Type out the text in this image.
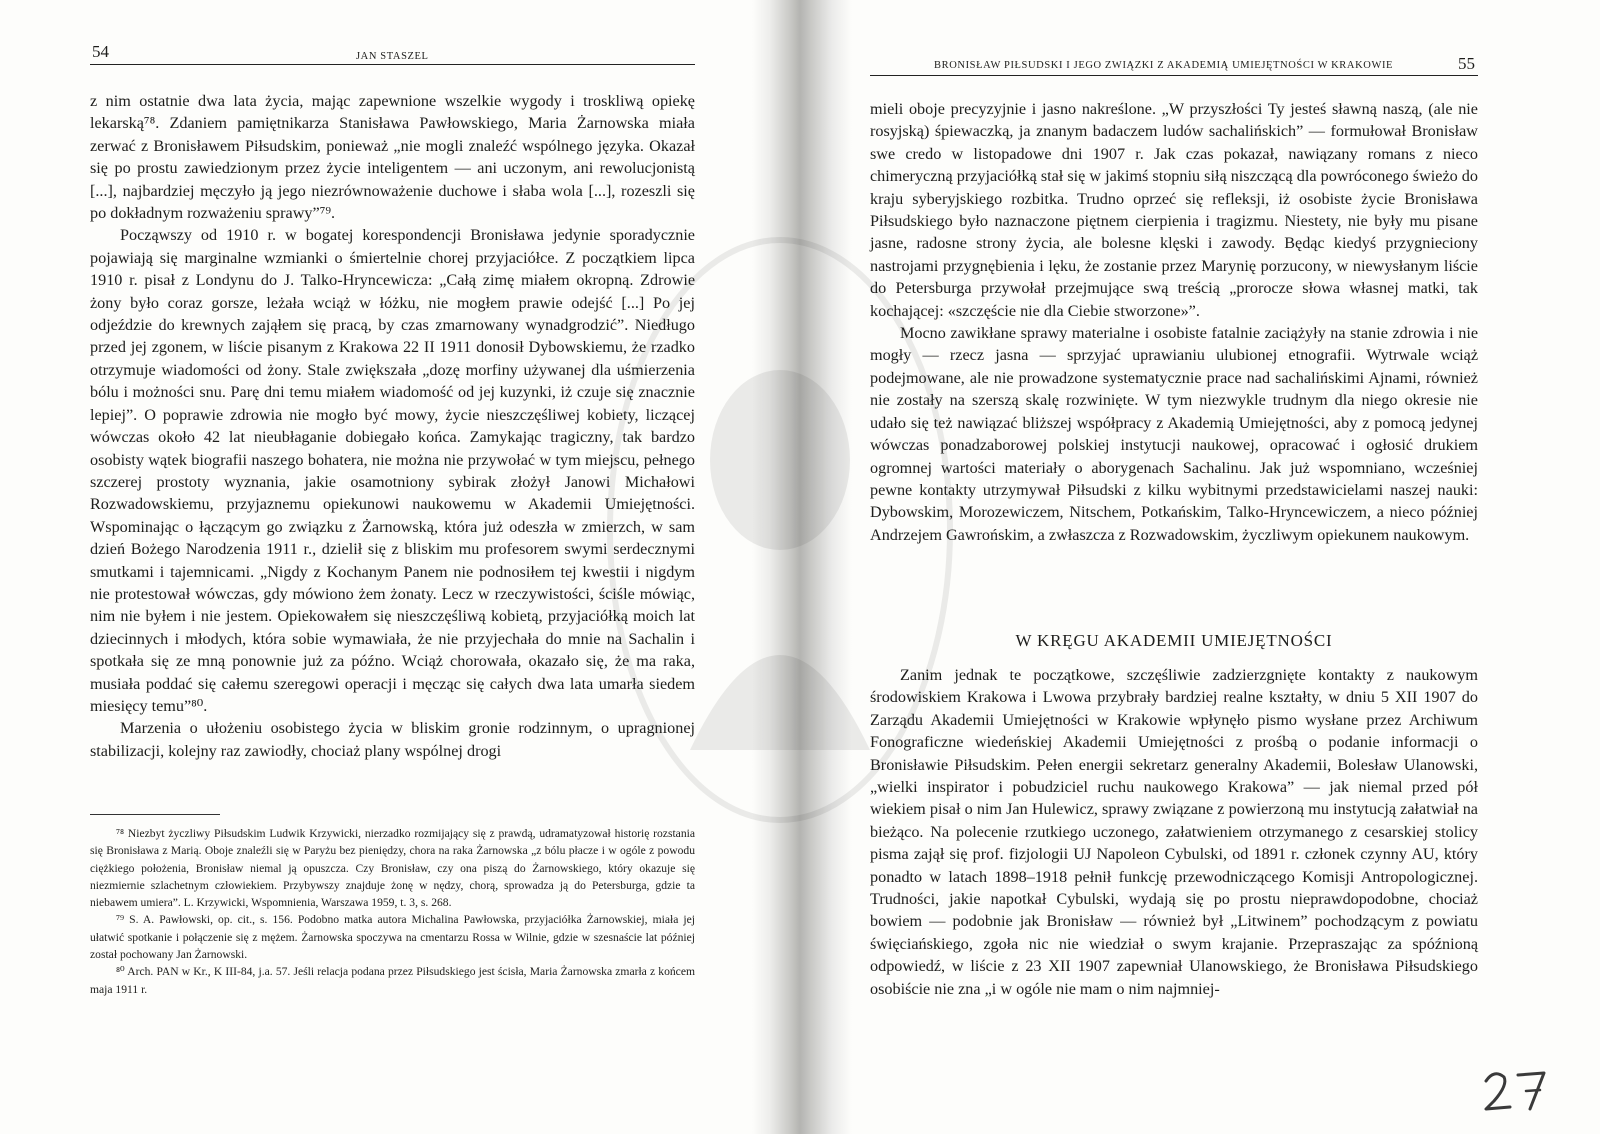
54	JAN STASZEL

z nim ostatnie dwa lata życia, mając zapewnione wszelkie wygody i troskliwą opiekę lekarską⁷⁸. Zdaniem pamiętnikarza Stanisława Pawłowskiego, Maria Żarnowska miała zerwać z Bronisławem Piłsudskim, ponieważ „nie mogli znaleźć wspólnego języka. Okazał się po prostu zawiedzionym przez życie inteligentem — ani uczonym, ani rewolucjonistą [...], najbardziej męczyło ją jego niezrównoważenie duchowe i słaba wola [...], rozeszli się po dokładnym rozważeniu sprawy”⁷⁹.

Począwszy od 1910 r. w bogatej korespondencji Bronisława jedynie sporadycznie pojawiają się marginalne wzmianki o śmiertelnie chorej przyjaciółce. Z początkiem lipca 1910 r. pisał z Londynu do J. Talko-Hryncewicza: „Całą zimę miałem okropną. Zdrowie żony było coraz gorsze, leżała wciąż w łóżku, nie mogłem prawie odejść [...] Po jej odjeździe do krewnych zająłem się pracą, by czas zmarnowany wynadgrodzić”. Niedługo przed jej zgonem, w liście pisanym z Krakowa 22 II 1911 donosił Dybowskiemu, że rzadko otrzymuje wiadomości od żony. Stale zwiększała „dozę morfiny używanej dla uśmierzenia bólu i możności snu. Parę dni temu miałem wiadomość od jej kuzynki, iż czuje się znacznie lepiej”. O poprawie zdrowia nie mogło być mowy, życie nieszczęśliwej kobiety, liczącej wówczas około 42 lat nieubłaganie dobiegało końca. Zamykając tragiczny, tak bardzo osobisty wątek biografii naszego bohatera, nie można nie przywołać w tym miejscu, pełnego szczerej prostoty wyznania, jakie osamotniony sybirak złożył Janowi Michałowi Rozwadowskiemu, przyjaznemu opiekunowi naukowemu w Akademii Umiejętności. Wspominając o łączącym go związku z Żarnowską, która już odeszła w zmierzch, w sam dzień Bożego Narodzenia 1911 r., dzielił się z bliskim mu profesorem swymi serdecznymi smutkami i tajemnicami. „Nigdy z Kochanym Panem nie podnosiłem tej kwestii i nigdym nie protestował wówczas, gdy mówiono żem żonaty. Lecz w rzeczywistości, ściśle mówiąc, nim nie byłem i nie jestem. Opiekowałem się nieszczęśliwą kobietą, przyjaciółką moich lat dziecinnych i młodych, która sobie wymawiała, że nie przyjechała do mnie na Sachalin i spotkała się ze mną ponownie już za późno. Wciąż chorowała, okazało się, że ma raka, musiała poddać się całemu szeregowi operacji i męcząc się całych dwa lata umarła siedem miesięcy temu”⁸⁰.

Marzenia o ułożeniu osobistego życia w bliskim gronie rodzinnym, o upragnionej stabilizacji, kolejny raz zawiodły, chociaż plany wspólnej drogi

⁷⁸ Niezbyt życzliwy Piłsudskim Ludwik Krzywicki, nierzadko rozmijający się z prawdą, udramatyzował historię rozstania się Bronisława z Marią. Oboje znaleźli się w Paryżu bez pieniędzy, chora na raka Żarnowska „z bólu płacze i w ogóle z powodu ciężkiego położenia, Bronisław niemal ją opuszcza. Czy Bronisław, czy ona piszą do Żarnowskiego, który okazuje się niezmiernie szlachetnym człowiekiem. Przybywszy znajduje żonę w nędzy, chorą, sprowadza ją do Petersburga, gdzie ta niebawem umiera”. L. Krzywicki, Wspomnienia, Warszawa 1959, t. 3, s. 268.

⁷⁹ S. A. Pawłowski, op. cit., s. 156. Podobno matka autora Michalina Pawłowska, przyjaciółka Żarnowskiej, miała jej ułatwić spotkanie i połączenie się z mężem. Żarnowska spoczywa na cmentarzu Rossa w Wilnie, gdzie w szesnaście lat później został pochowany Jan Żarnowski.

⁸⁰ Arch. PAN w Kr., K III-84, j.a. 57. Jeśli relacja podana przez Piłsudskiego jest ścisła, Maria Żarnowska zmarła z końcem maja 1911 r.

BRONISŁAW PIŁSUDSKI I JEGO ZWIĄZKI Z AKADEMIĄ UMIEJĘTNOŚCI W KRAKOWIE	55

mieli oboje precyzyjnie i jasno nakreślone. „W przyszłości Ty jesteś sławną naszą, (ale nie rosyjską) śpiewaczką, ja znanym badaczem ludów sachalińskich” — formułował Bronisław swe credo w listopadowe dni 1907 r. Jak czas pokazał, nawiązany romans z nieco chimeryczną przyjaciółką stał się w jakimś stopniu siłą niszczącą dla powróconego świeżo do kraju syberyjskiego rozbitka. Trudno oprzeć się refleksji, iż osobiste życie Bronisława Piłsudskiego było naznaczone piętnem cierpienia i tragizmu. Niestety, nie były mu pisane jasne, radosne strony życia, ale bolesne klęski i zawody. Będąc kiedyś przygnieciony nastrojami przygnębienia i lęku, że zostanie przez Marynię porzucony, w niewysłanym liście do Petersburga przywołał przejmujące swą treścią „prorocze słowa własnej matki, tak kochającej: «szczęście nie dla Ciebie stworzone»”.

Mocno zawikłane sprawy materialne i osobiste fatalnie zaciążyły na stanie zdrowia i nie mogły — rzecz jasna — sprzyjać uprawianiu ulubionej etnografii. Wytrwale wciąż podejmowane, ale nie prowadzone systematycznie prace nad sachalińskimi Ajnami, również nie zostały na szerszą skalę rozwinięte. W tym niezwykle trudnym dla niego okresie nie udało się też nawiązać bliższej współpracy z Akademią Umiejętności, aby z pomocą jedynej wówczas ponadzaborowej polskiej instytucji naukowej, opracować i ogłosić drukiem ogromnej wartości materiały o aborygenach Sachalinu. Jak już wspomniano, wcześniej pewne kontakty utrzymywał Piłsudski z kilku wybitnymi przedstawicielami naszej nauki: Dybowskim, Morozewiczem, Nitschem, Potkańskim, Talko-Hryncewiczem, a nieco później Andrzejem Gawrońskim, a zwłaszcza z Rozwadowskim, życzliwym opiekunem naukowym.

W KRĘGU AKADEMII UMIEJĘTNOŚCI

Zanim jednak te początkowe, szczęśliwie zadzierzgnięte kontakty z naukowym środowiskiem Krakowa i Lwowa przybrały bardziej realne kształty, w dniu 5 XII 1907 do Zarządu Akademii Umiejętności w Krakowie wpłynęło pismo wysłane przez Archiwum Fonograficzne wiedeńskiej Akademii Umiejętności z prośbą o podanie informacji o Bronisławie Piłsudskim. Pełen energii sekretarz generalny Akademii, Bolesław Ulanowski, „wielki inspirator i pobudziciel ruchu naukowego Krakowa” — jak niemal przed pół wiekiem pisał o nim Jan Hulewicz, sprawy związane z powierzoną mu instytucją załatwiał na bieżąco. Na polecenie rzutkiego uczonego, załatwieniem otrzymanego z cesarskiej stolicy pisma zajął się prof. fizjologii UJ Napoleon Cybulski, od 1891 r. członek czynny AU, który ponadto w latach 1898–1918 pełnił funkcję przewodniczącego Komisji Antropologicznej. Trudności, jakie napotkał Cybulski, wydają się po prostu nieprawdopodobne, chociaż bowiem — podobnie jak Bronisław — również był „Litwinem” pochodzącym z powiatu święciańskiego, zgoła nic nie wiedział o swym krajanie. Przepraszając za spóźnioną odpowiedź, w liście z 23 XII 1907 zapewniał Ulanowskiego, że Bronisława Piłsudskiego osobiście nie zna „i w ogóle nie mam o nim najmniej-
